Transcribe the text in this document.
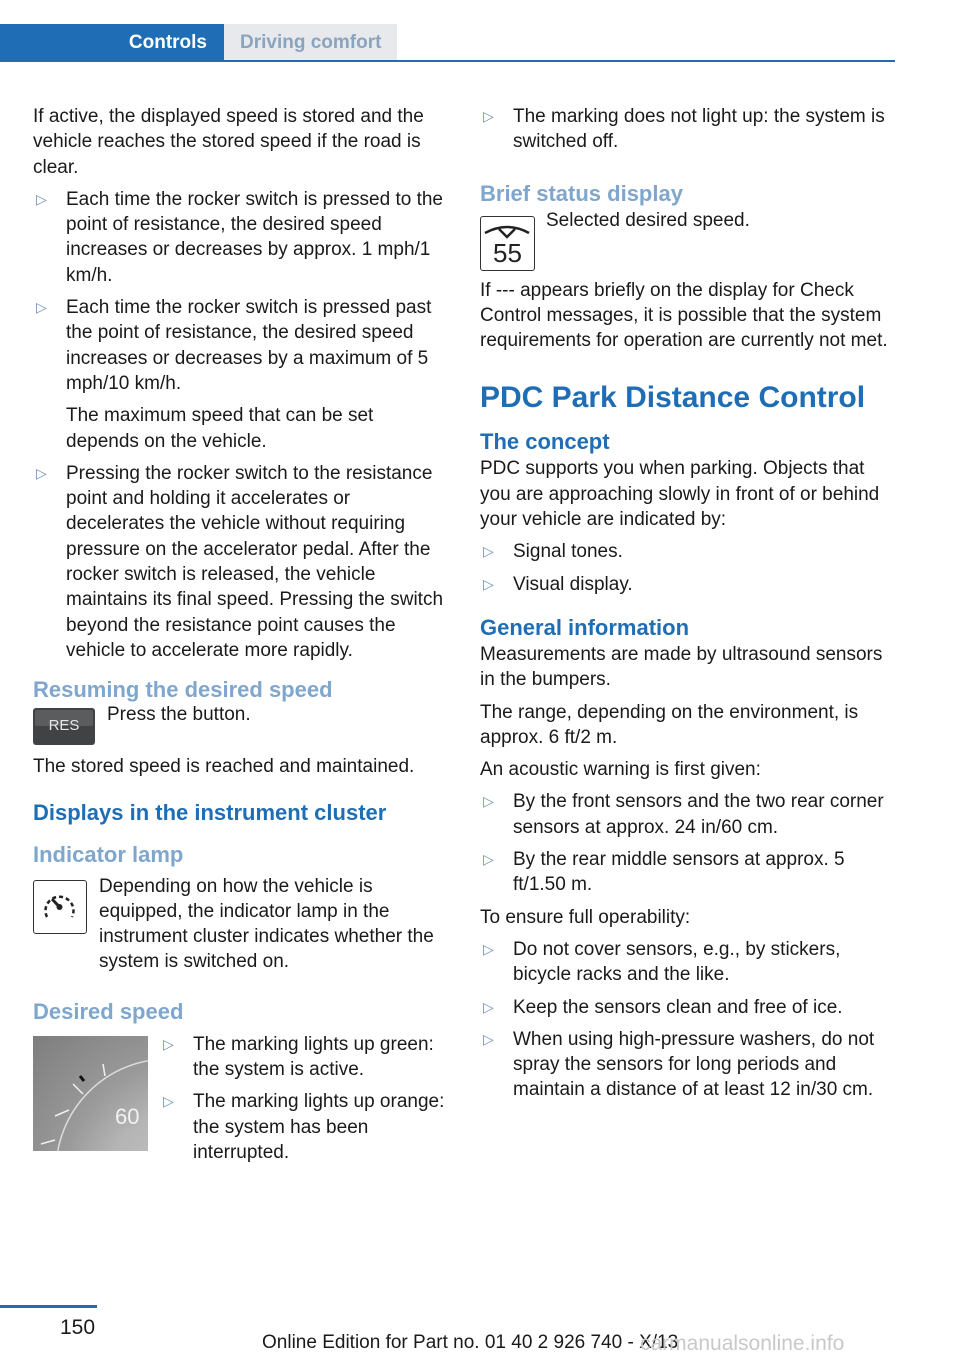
Controls	Driving comfort

If active, the displayed speed is stored and the vehicle reaches the stored speed if the road is clear.

▷ Each time the rocker switch is pressed to the point of resistance, the desired speed increases or decreases by approx. 1 mph/1 km/h.

▷ Each time the rocker switch is pressed past the point of resistance, the desired speed increases or decreases by a maximum of 5 mph/10 km/h.

The maximum speed that can be set depends on the vehicle.

▷ Pressing the rocker switch to the resistance point and holding it accelerates or decelerates the vehicle without requiring pressure on the accelerator pedal. After the rocker switch is released, the vehicle maintains its final speed. Pressing the switch beyond the resistance point causes the vehicle to accelerate more rapidly.

Resuming the desired speed
RES
Press the button.

The stored speed is reached and maintained.

Displays in the instrument cluster
Indicator lamp

Depending on how the vehicle is equipped, the indicator lamp in the instrument cluster indicates whether the system is switched on.

Desired speed
60
▷ The marking lights up green: the system is active.
▷ The marking lights up orange: the system has been interrupted.
▷ The marking does not light up: the system is switched off.
Brief status display
55
Selected desired speed.

If --- appears briefly on the display for Check Control messages, it is possible that the system requirements for operation are currently not met.

PDC Park Distance Control
The concept

PDC supports you when parking. Objects that you are approaching slowly in front of or behind your vehicle are indicated by:

▷ Signal tones.
▷ Visual display.
General information

Measurements are made by ultrasound sensors in the bumpers.

The range, depending on the environment, is approx. 6 ft/2 m.

An acoustic warning is first given:

▷ By the front sensors and the two rear corner sensors at approx. 24 in/60 cm.
▷ By the rear middle sensors at approx. 5 ft/1.50 m.

To ensure full operability:

▷ Do not cover sensors, e.g., by stickers, bicycle racks and the like.
▷ Keep the sensors clean and free of ice.
▷ When using high-pressure washers, do not spray the sensors for long periods and maintain a distance of at least 12 in/30 cm.
150
Online Edition for Part no. 01 40 2 926 740 - X/13
carmanualsonline.info
